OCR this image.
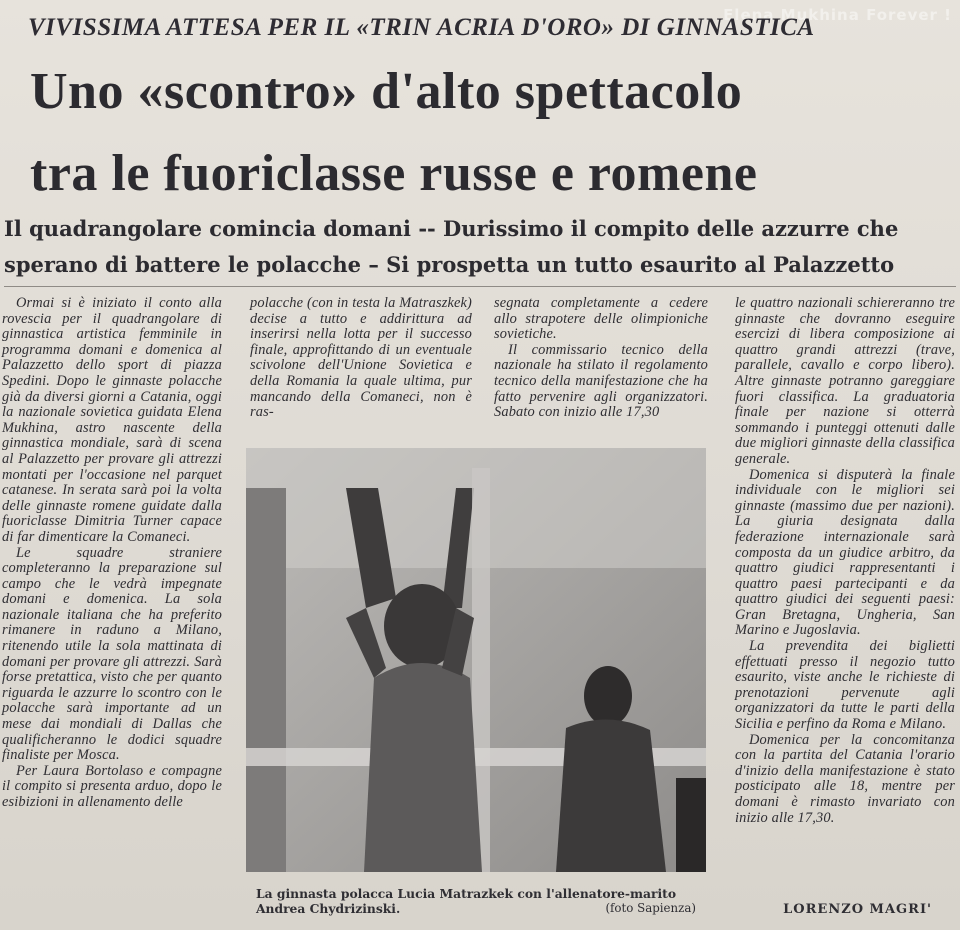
Elena Mukhina Forever !
VIVISSIMA ATTESA PER IL «TRIN ACRIA D'ORO» DI GINNASTICA
Uno «scontro» d'alto spettacolo
tra le fuoriclasse russe e romene
Il quadrangolare comincia domani -- Durissimo il compito delle azzurre che
sperano di battere le polacche – Si prospetta un tutto esaurito al Palazzetto

Ormai si è iniziato il conto alla rovescia per il quadrangolare di ginnastica artistica femminile in programma domani e domenica al Palazzetto dello sport di piazza Spedini. Dopo le ginnaste polacche già da diversi giorni a Catania, oggi la nazionale sovietica guidata Elena Mukhina, astro nascente della ginnastica mondiale, sarà di scena al Palazzetto per provare gli attrezzi montati per l'occasione nel parquet catanese. In serata sarà poi la volta delle ginnaste romene guidate dalla fuoriclasse Dimitria Turner capace di far dimenticare la Comaneci.

Le squadre straniere completeranno la preparazione sul campo che le vedrà impegnate domani e domenica. La sola nazionale italiana che ha preferito rimanere in raduno a Milano, ritenendo utile la sola mattinata di domani per provare gli attrezzi. Sarà forse pretattica, visto che per quanto riguarda le azzurre lo scontro con le polacche sarà importante ad un mese dai mondiali di Dallas che qualificheranno le dodici squadre finaliste per Mosca.

Per Laura Bortolaso e compagne il compito si presenta arduo, dopo le esibizioni in allenamento delle

polacche (con in testa la Matraszkek) decise a tutto e addirittura ad inserirsi nella lotta per il successo finale, approfittando di un eventuale scivolone dell'Unione Sovietica e della Romania la quale ultima, pur mancando della Comaneci, non è ras-

segnata completamente a cedere allo strapotere delle olimpioniche sovietiche.

Il commissario tecnico della nazionale ha stilato il regolamento tecnico della manifestazione che ha fatto pervenire agli organizzatori. Sabato con inizio alle 17,30

le quattro nazionali schiereranno tre ginnaste che dovranno eseguire esercizi di libera composizione ai quattro grandi attrezzi (trave, parallele, cavallo e corpo libero). Altre ginnaste potranno gareggiare fuori classifica. La graduatoria finale per nazione si otterrà sommando i punteggi ottenuti dalle due migliori ginnaste della classifica generale.

Domenica si disputerà la finale individuale con le migliori sei ginnaste (massimo due per nazioni). La giuria designata dalla federazione internazionale sarà composta da un giudice arbitro, da quattro giudici rappresentanti i quattro paesi partecipanti e da quattro giudici dei seguenti paesi: Gran Bretagna, Ungheria, San Marino e Jugoslavia.

La prevendita dei biglietti effettuati presso il negozio tutto esaurito, viste anche le richieste di prenotazioni pervenute agli organizzatori da tutte le parti della Sicilia e perfino da Roma e Milano.

Domenica per la concomitanza con la partita del Catania l'orario d'inizio della manifestazione è stato posticipato alle 18, mentre per domani è rimasto invariato con inizio alle 17,30.

La ginnasta polacca Lucia Matrazkek con l'allenatore-marito Andrea Chydrizinski.	(foto Sapienza)	LORENZO MAGRI'
